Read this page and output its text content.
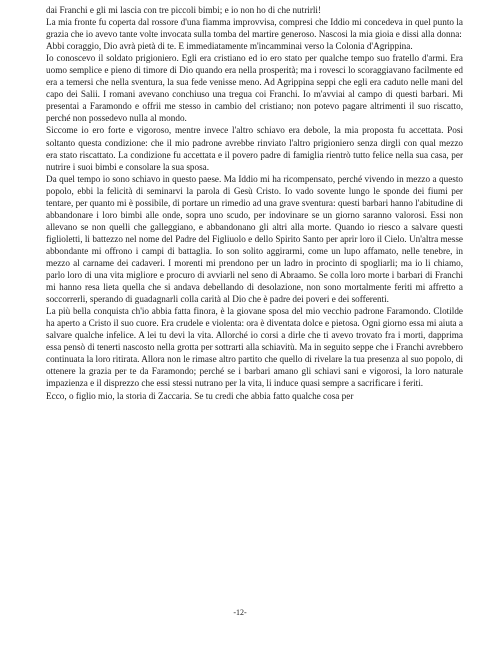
dai Franchi e gli mi lascia con tre piccoli bimbi; e io non ho di che nutrirli!

La mia fronte fu coperta dal rossore d'una fiamma improvvisa, compresi che Iddio mi concedeva in quel punto la grazia che io avevo tante volte invocata sulla tomba del martire generoso. Nascosi la mia gioia e dissi alla donna:

Abbi coraggio, Dio avrà pietà di te. E immediatamente m'incamminai verso la Colonia d'Agrippina.

Io conoscevo il soldato prigioniero. Egli era cristiano ed io ero stato per qualche tempo suo fratello d'armi. Era uomo semplice e pieno di timore di Dio quando era nella prosperità; ma i rovesci lo scoraggiavano facilmente ed era a temersi che nella sventura, la sua fede venisse meno. Ad Agrippina seppi che egli era caduto nelle mani del capo dei Salii. I romani avevano conchiuso una tregua coi Franchi. Io m'avviai al campo di questi barbari. Mi presentai a Faramondo e offrii me stesso in cambio del cristiano; non potevo pagare altrimenti il suo riscatto, perché non possedevo nulla al mondo.

Siccome io ero forte e vigoroso, mentre invece l'altro schiavo era debole, la mia proposta fu accettata. Posi soltanto questa condizione: che il mio padrone avrebbe rinviato l'altro prigioniero senza dirgli con qual mezzo era stato riscattato. La condizione fu accettata e il povero padre di famiglia rientrò tutto felice nella sua casa, per nutrire i suoi bimbi e consolare la sua sposa.

Da quel tempo io sono schiavo in questo paese. Ma Iddio mi ha ricompensato, perché vivendo in mezzo a questo popolo, ebbi la felicità di seminarvi la parola di Gesù Cristo. Io vado sovente lungo le sponde dei fiumi per tentare, per quanto mi è possibile, di portare un rimedio ad una grave sventura: questi barbari hanno l'abitudine di abbandonare i loro bimbi alle onde, sopra uno scudo, per indovinare se un giorno saranno valorosi. Essi non allevano se non quelli che galleggiano, e abbandonano gli altri alla morte. Quando io riesco a salvare questi figlioletti, li battezzo nel nome del Padre del Figliuolo e dello Spirito Santo per aprir loro il Cielo. Un'altra messe abbondante mi offrono i campi di battaglia. Io son solito aggirarmi, come un lupo affamato, nelle tenebre, in mezzo al carname dei cadaveri. I morenti mi prendono per un ladro in procinto di spogliarli; ma io li chiamo, parlo loro di una vita migliore e procuro di avviarli nel seno di Abraamo. Se colla loro morte i barbari di Franchi mi hanno resa lieta quella che si andava debellando di desolazione, non sono mortalmente feriti mi affretto a soccorrerli, sperando di guadagnarli colla carità al Dio che è padre dei poveri e dei sofferenti.

La più bella conquista ch'io abbia fatta finora, è la giovane sposa del mio vecchio padrone Faramondo. Clotilde ha aperto a Cristo il suo cuore. Era crudele e violenta: ora è diventata dolce e pietosa. Ogni giorno essa mi aiuta a salvare qualche infelice. A lei tu devi la vita. Allorché io corsi a dirle che ti avevo trovato fra i morti, dapprima essa pensò di tenerti nascosto nella grotta per sottrarti alla schiavitù. Ma in seguito seppe che i Franchi avrebbero continuata la loro ritirata. Allora non le rimase altro partito che quello di rivelare la tua presenza al suo popolo, di ottenere la grazia per te da Faramondo; perché se i barbari amano gli schiavi sani e vigorosi, la loro naturale impazienza e il disprezzo che essi stessi nutrano per la vita, li induce quasi sempre a sacrificare i feriti.

Ecco, o figlio mio, la storia di Zaccaria. Se tu credi che abbia fatto qualche cosa per

-12-
